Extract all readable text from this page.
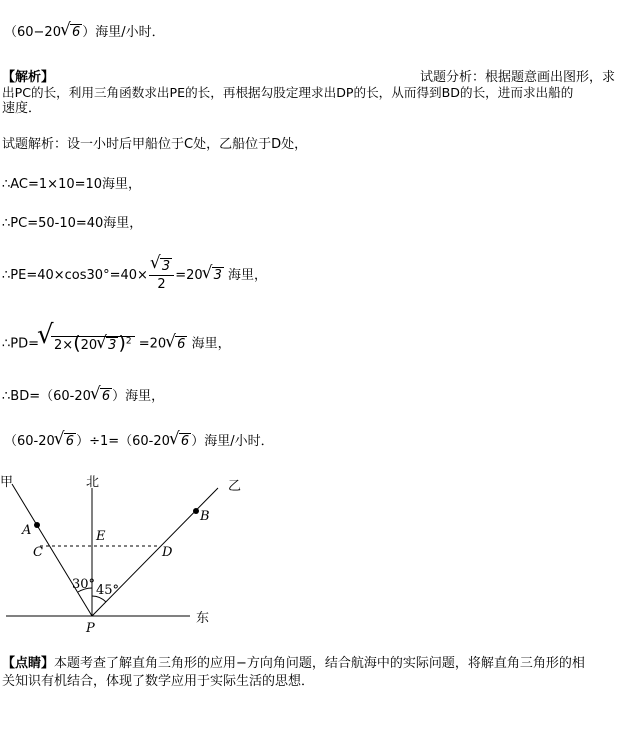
（60−20√ 6 ）海里/小时．
【解析】	试题分析：根据题意画出图形，求
出PC的长，利用三角函数求出PE的长，再根据勾股定理求出DP的长，从而得到BD的长，进而求出船的
速度．
试题解析：设一小时后甲船位于C处，乙船位于D处，
∴AC=1×10=10海里，
∴PC=50-10=40海里，
∴PE=40×cos30°=40×
√ $\frac{3}{2} =20√$ 3 海里，
∴PD=√ 2×(20√ 3 )$^2$ =20√ 6 海里，
∴BD=（60-20√ 6 ）海里，
（60-20√ 6 ）÷1=（60-20√ 6 ）海里/小时．
甲	北	乙
东
A
B
C	D
E
P
30° 45°
【点睛】本题考查了解直角三角形的应用−方向角问题，结合航海中的实际问题，将解直角三角形的相
关知识有机结合，体现了数学应用于实际生活的思想．
